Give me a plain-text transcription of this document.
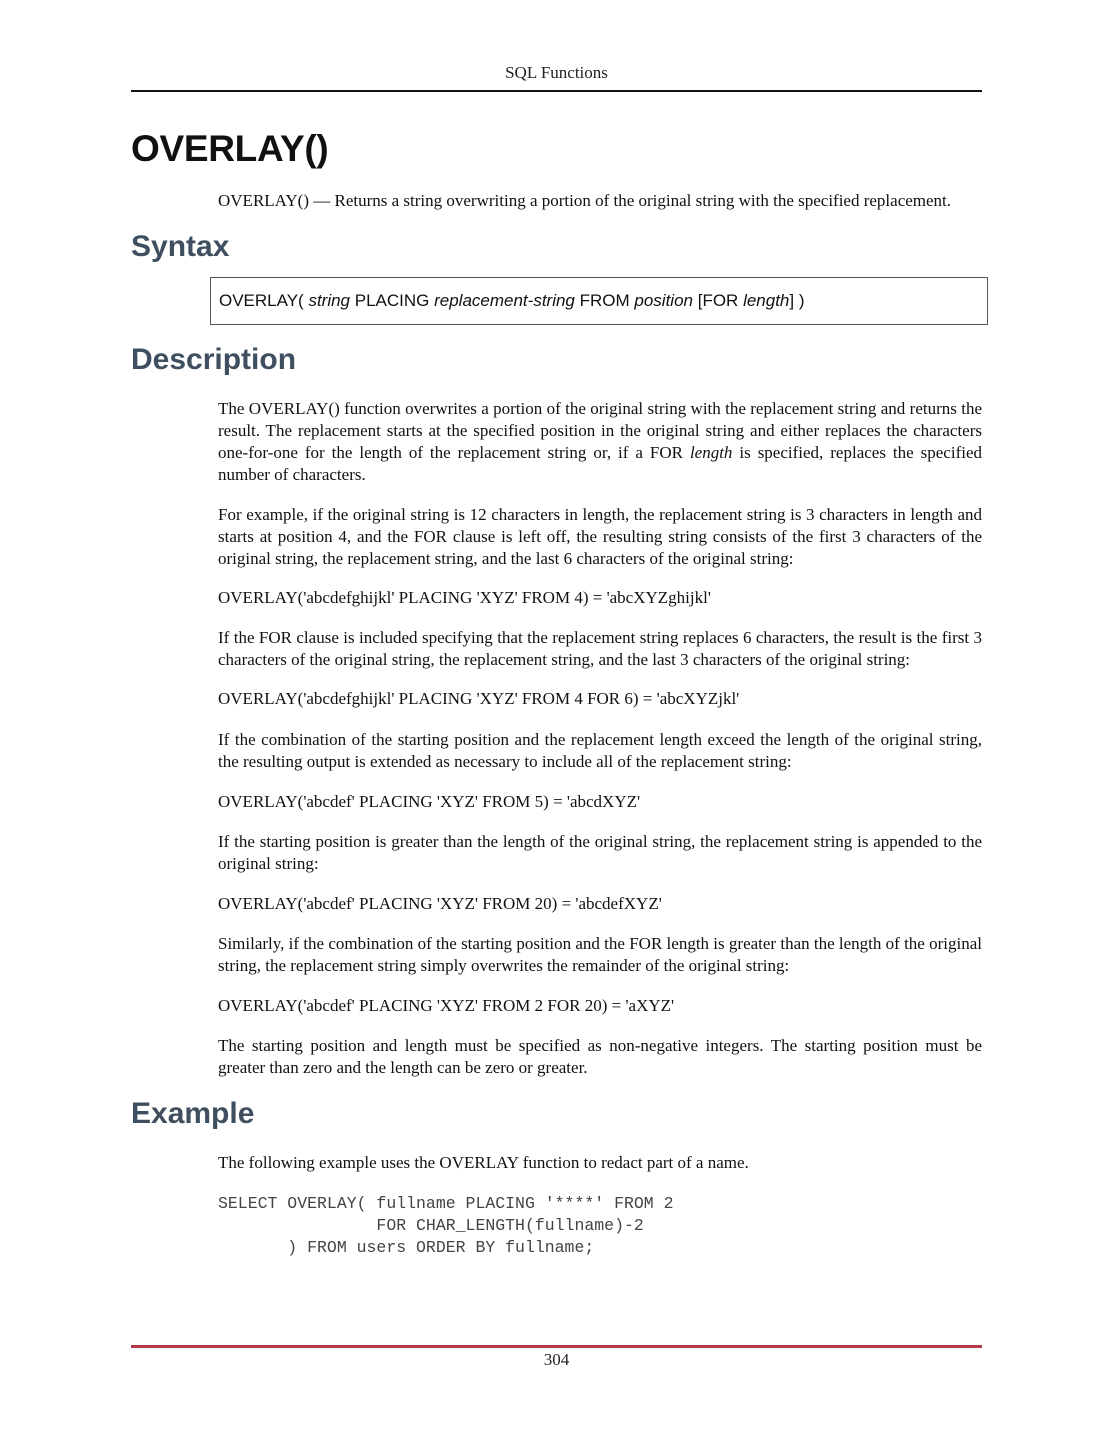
SQL Functions
OVERLAY()

OVERLAY() — Returns a string overwriting a portion of the original string with the specified replacement.

Syntax
OVERLAY( string PLACING replacement-string FROM position [FOR length] )
Description

The OVERLAY() function overwrites a portion of the original string with the replacement string and returns the result. The replacement starts at the specified position in the original string and either replaces the characters one-for-one for the length of the replacement string or, if a FOR length is specified, replaces the specified number of characters.

For example, if the original string is 12 characters in length, the replacement string is 3 characters in length and starts at position 4, and the FOR clause is left off, the resulting string consists of the first 3 characters of the original string, the replacement string, and the last 6 characters of the original string:

OVERLAY('abcdefghijkl' PLACING 'XYZ' FROM 4) = 'abcXYZghijkl'

If the FOR clause is included specifying that the replacement string replaces 6 characters, the result is the first 3 characters of the original string, the replacement string, and the last 3 characters of the original string:

OVERLAY('abcdefghijkl' PLACING 'XYZ' FROM 4 FOR 6) = 'abcXYZjkl'

If the combination of the starting position and the replacement length exceed the length of the original string, the resulting output is extended as necessary to include all of the replacement string:

OVERLAY('abcdef' PLACING 'XYZ' FROM 5) = 'abcdXYZ'

If the starting position is greater than the length of the original string, the replacement string is appended to the original string:

OVERLAY('abcdef' PLACING 'XYZ' FROM 20) = 'abcdefXYZ'

Similarly, if the combination of the starting position and the FOR length is greater than the length of the original string, the replacement string simply overwrites the remainder of the original string:

OVERLAY('abcdef' PLACING 'XYZ' FROM 2 FOR 20) = 'aXYZ'

The starting position and length must be specified as non-negative integers. The starting position must be greater than zero and the length can be zero or greater.

Example

The following example uses the OVERLAY function to redact part of a name.

SELECT OVERLAY( fullname PLACING '****' FROM 2
FOR CHAR_LENGTH(fullname)-2
) FROM users ORDER BY fullname;
304
